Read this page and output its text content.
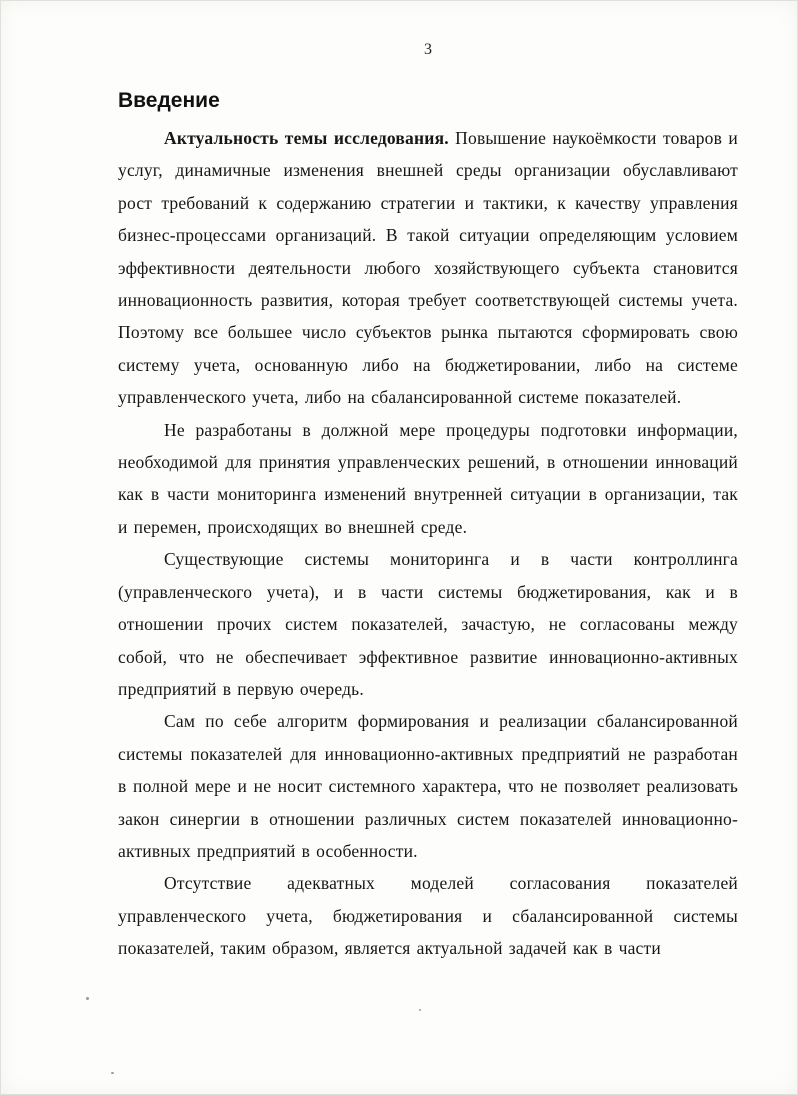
3
Введение

Актуальность темы исследования. Повышение наукоёмкости товаров и услуг, динамичные изменения внешней среды организации обуславливают рост требований к содержанию стратегии и тактики, к качеству управления бизнес-процессами организаций. В такой ситуации определяющим условием эффективности деятельности любого хозяйствующего субъекта становится инновационность развития, которая требует соответствующей системы учета. Поэтому все большее число субъектов рынка пытаются сформировать свою систему учета, основанную либо на бюджетировании, либо на системе управленческого учета, либо на сбалансированной системе показателей.

Не разработаны в должной мере процедуры подготовки информации, необходимой для принятия управленческих решений, в отношении инноваций как в части мониторинга изменений внутренней ситуации в организации, так и перемен, происходящих во внешней среде.

Существующие системы мониторинга и в части контроллинга (управленческого учета), и в части системы бюджетирования, как и в отношении прочих систем показателей, зачастую, не согласованы между собой, что не обеспечивает эффективное развитие инновационно-активных предприятий в первую очередь.

Сам по себе алгоритм формирования и реализации сбалансированной системы показателей для инновационно-активных предприятий не разработан в полной мере и не носит системного характера, что не позволяет реализовать закон синергии в отношении различных систем показателей инновационно-активных предприятий в особенности.

Отсутствие адекватных моделей согласования показателей управленческого учета, бюджетирования и сбалансированной системы показателей, таким образом, является актуальной задачей как в части
